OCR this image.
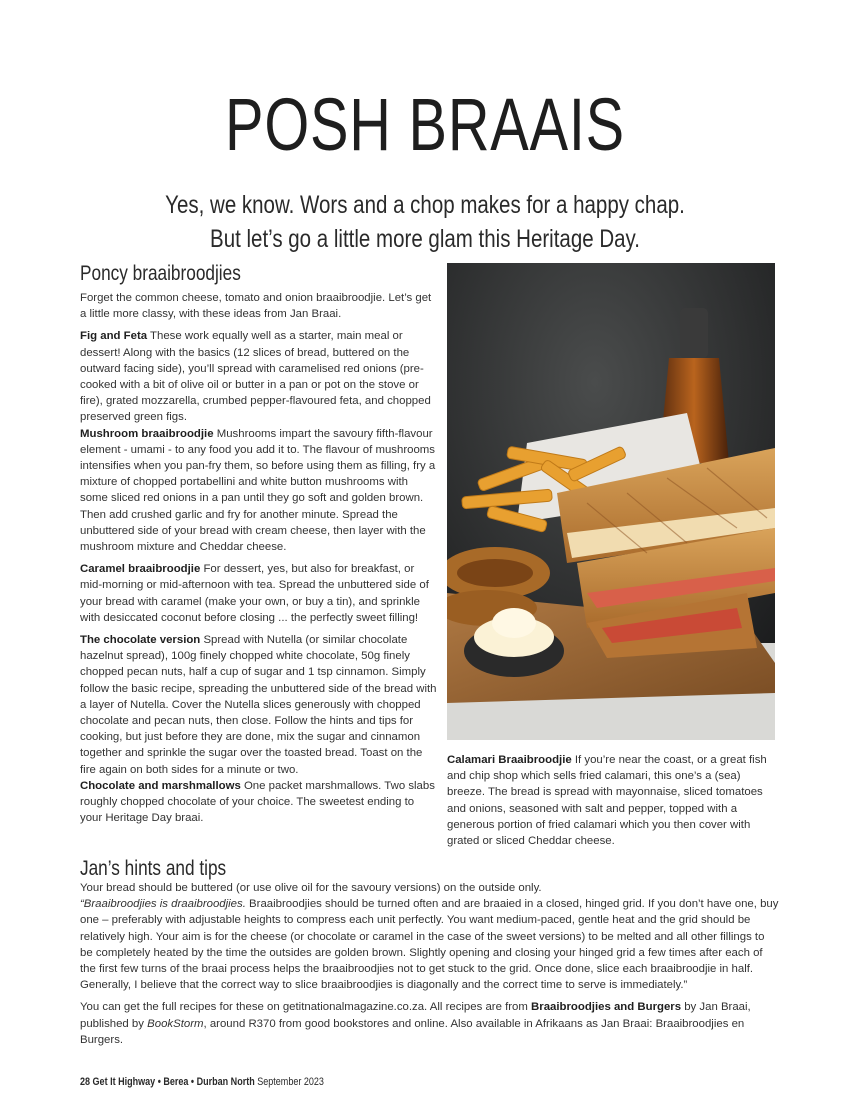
POSH BRAAIS

Yes, we know. Wors and a chop makes for a happy chap.

But let’s go a little more glam this Heritage Day.

Poncy braaibroodjies

Forget the common cheese, tomato and onion braaibroodjie. Let’s get a little more classy, with these ideas from Jan Braai.

Fig and Feta These work equally well as a starter, main meal or dessert! Along with the basics (12 slices of bread, buttered on the outward facing side), you’ll spread with caramelised red onions (pre-cooked with a bit of olive oil or butter in a pan or pot on the stove or fire), grated mozzarella, crumbed pepper-flavoured feta, and chopped preserved green figs.

Mushroom braaibroodjie Mushrooms impart the savoury fifth-flavour element - umami - to any food you add it to. The flavour of mushrooms intensifies when you pan-fry them, so before using them as filling, fry a mixture of chopped portabellini and white button mushrooms with some sliced red onions in a pan until they go soft and golden brown. Then add crushed garlic and fry for another minute. Spread the unbuttered side of your bread with cream cheese, then layer with the mushroom mixture and Cheddar cheese.

Caramel braaibroodjie For dessert, yes, but also for breakfast, or mid-morning or mid-afternoon with tea. Spread the unbuttered side of your bread with caramel (make your own, or buy a tin), and sprinkle with desiccated coconut before closing ... the perfectly sweet filling!

The chocolate version Spread with Nutella (or similar chocolate hazelnut spread), 100g finely chopped white chocolate, 50g finely chopped pecan nuts, half a cup of sugar and 1 tsp cinnamon. Simply follow the basic recipe, spreading the unbuttered side of the bread with a layer of Nutella. Cover the Nutella slices generously with chopped chocolate and pecan nuts, then close. Follow the hints and tips for cooking, but just before they are done, mix the sugar and cinnamon together and sprinkle the sugar over the toasted bread. Toast on the fire again on both sides for a minute or two.

Chocolate and marshmallows One packet marshmallows. Two slabs roughly chopped chocolate of your choice. The sweetest ending to your Heritage Day braai.

Calamari Braaibroodjie If you’re near the coast, or a great fish and chip shop which sells fried calamari, this one’s a (sea) breeze. The bread is spread with mayonnaise, sliced tomatoes and onions, seasoned with salt and pepper, topped with a generous portion of fried calamari which you then cover with grated or sliced Cheddar cheese.

Jan’s hints and tips

Your bread should be buttered (or use olive oil for the savoury versions) on the outside only.

“Braaibroodjies is draaibroodjies. Braaibroodjies should be turned often and are braaied in a closed, hinged grid. If you don’t have one, buy one – preferably with adjustable heights to compress each unit perfectly. You want medium-paced, gentle heat and the grid should be relatively high. Your aim is for the cheese (or chocolate or caramel in the case of the sweet versions) to be melted and all other fillings to be completely heated by the time the outsides are golden brown. Slightly opening and closing your hinged grid a few times after each of the first few turns of the braai process helps the braaibroodjies not to get stuck to the grid. Once done, slice each braaibroodjie in half. Generally, I believe that the correct way to slice braaibroodjies is diagonally and the correct time to serve is immediately.”

You can get the full recipes for these on getitnationalmagazine.co.za. All recipes are from Braaibroodjies and Burgers by Jan Braai, published by BookStorm, around R370 from good bookstores and online. Also available in Afrikaans as Jan Braai: Braaibroodjies en Burgers.

28 Get It Highway • Berea • Durban North September 2023
